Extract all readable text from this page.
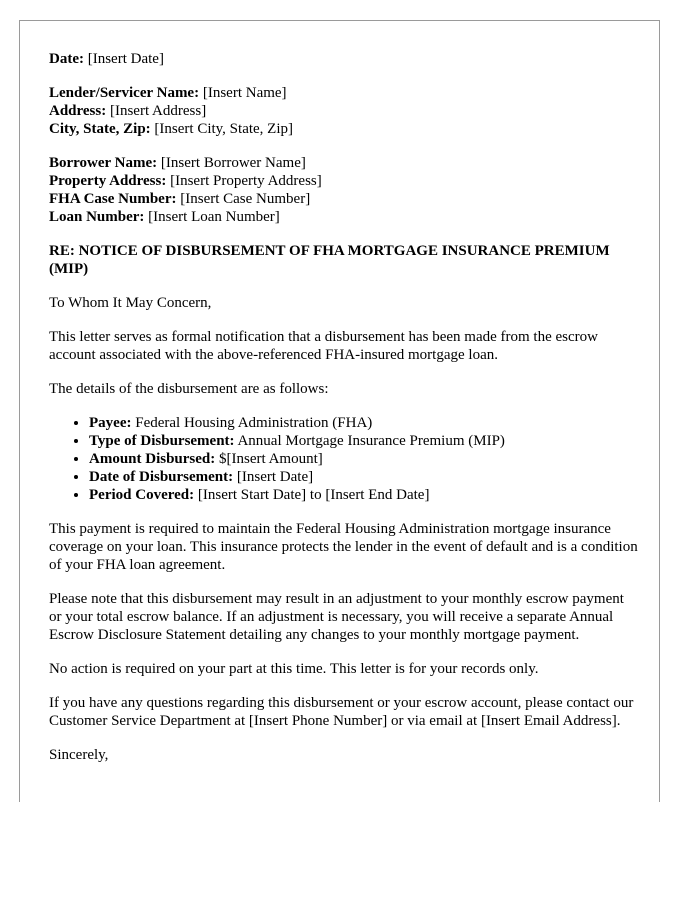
Date: [Insert Date]

Lender/Servicer Name: [Insert Name]

Address: [Insert Address]

City, State, Zip: [Insert City, State, Zip]

Borrower Name: [Insert Borrower Name]

Property Address: [Insert Property Address]

FHA Case Number: [Insert Case Number]

Loan Number: [Insert Loan Number]

RE: NOTICE OF DISBURSEMENT OF FHA MORTGAGE INSURANCE PREMIUM (MIP)

To Whom It May Concern,

This letter serves as formal notification that a disbursement has been made from the escrow account associated with the above-referenced FHA-insured mortgage loan.

The details of the disbursement are as follows:

• Payee: Federal Housing Administration (FHA)
• Type of Disbursement: Annual Mortgage Insurance Premium (MIP)
• Amount Disbursed: $[Insert Amount]
• Date of Disbursement: [Insert Date]
• Period Covered: [Insert Start Date] to [Insert End Date]

This payment is required to maintain the Federal Housing Administration mortgage insurance coverage on your loan. This insurance protects the lender in the event of default and is a condition of your FHA loan agreement.

Please note that this disbursement may result in an adjustment to your monthly escrow payment or your total escrow balance. If an adjustment is necessary, you will receive a separate Annual Escrow Disclosure Statement detailing any changes to your monthly mortgage payment.

No action is required on your part at this time. This letter is for your records only.

If you have any questions regarding this disbursement or your escrow account, please contact our Customer Service Department at [Insert Phone Number] or via email at [Insert Email Address].

Sincerely,
